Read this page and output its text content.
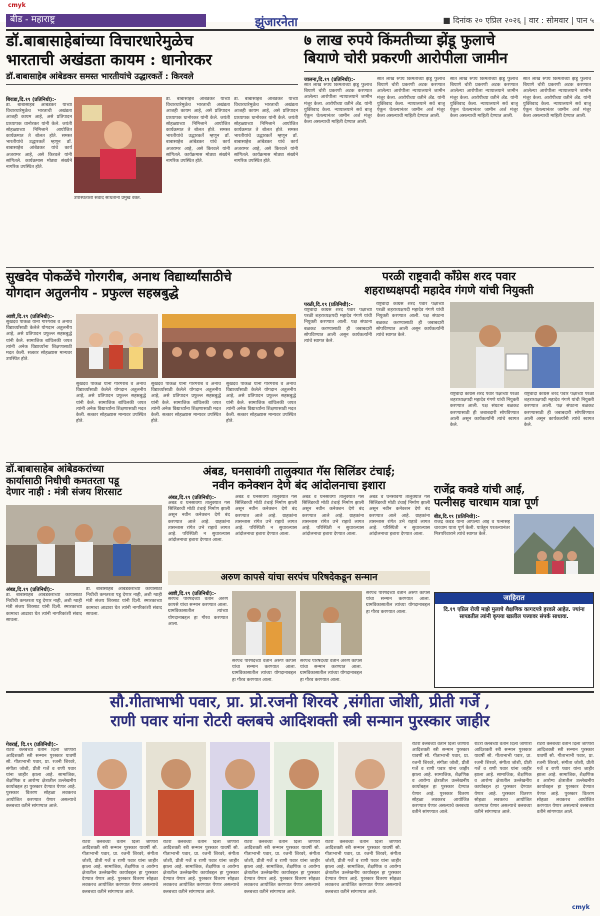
cmyk
cmyk
बीड - महाराष्ट्र	झुंजारनेता	■ दिनांक २० एप्रिल २०२६ | वार : सोमवार | पान ५
डॉ.बाबासाहेबांच्या विचारधारेमुळेच
भारताची अखंडता कायम : धानोरकर
डॉ.बाबासाहेब आंबेडकर समस्त भारतीयांचे उद्धारकर्ते : किरवले
बिराडा,दि.१९ (प्रतिनिधी):-
डॉ. बाबासाहेब आंबेडकर यांच्या विचारधारेमुळेच भारताची अखंडता आजही कायम आहे, असे प्रतिपादन प्राध्यापक धानोरकर यांनी केले. जयंती सोहळ्याच्या निमित्ताने आयोजित कार्यक्रमात ते बोलत होते. समस्त भारतीयांचे उद्धारकर्ते म्हणून डॉ. बाबासाहेब आंबेडकर यांचे कार्य अजरामर आहे, असे किरवले यांनी सांगितले. कार्यक्रमास मोठ्या संख्येने नागरिक उपस्थित होते.
उपस्थितांशी संवाद साधताना प्रमुख वक्ते.
डॉ. बाबासाहेब आंबेडकर यांच्या विचारधारेमुळेच भारताची अखंडता आजही कायम आहे, असे प्रतिपादन प्राध्यापक धानोरकर यांनी केले. जयंती सोहळ्याच्या निमित्ताने आयोजित कार्यक्रमात ते बोलत होते. समस्त भारतीयांचे उद्धारकर्ते म्हणून डॉ. बाबासाहेब आंबेडकर यांचे कार्य अजरामर आहे, असे किरवले यांनी सांगितले. कार्यक्रमास मोठ्या संख्येने नागरिक उपस्थित होते.
डॉ. बाबासाहेब आंबेडकर यांच्या विचारधारेमुळेच भारताची अखंडता आजही कायम आहे, असे प्रतिपादन प्राध्यापक धानोरकर यांनी केले. जयंती सोहळ्याच्या निमित्ताने आयोजित कार्यक्रमात ते बोलत होते. समस्त भारतीयांचे उद्धारकर्ते म्हणून डॉ. बाबासाहेब आंबेडकर यांचे कार्य अजरामर आहे, असे किरवले यांनी सांगितले. कार्यक्रमास मोठ्या संख्येने नागरिक उपस्थित होते.
७ लाख रुपये किंमतीच्या झेंडू फुलाचे
बियाणे चोरी प्रकरणी आरोपीला जामीन
जालना,दि.१९ (प्रतिनिधी):-
सात लाख रुपये किंमतीच्या झेंडू फुलाचे बियाणे चोरी प्रकरणी अटक करण्यात आलेल्या आरोपीला न्यायालयाने जामीन मंजूर केला. आरोपीच्या वतीने ॲड. यांनी युक्तिवाद केला. न्यायालयाने सर्व बाजू ऐकून घेतल्यानंतर जामीन अर्ज मंजूर केला असल्याची माहिती देण्यात आली.
सात लाख रुपये किंमतीच्या झेंडू फुलाचे बियाणे चोरी प्रकरणी अटक करण्यात आलेल्या आरोपीला न्यायालयाने जामीन मंजूर केला. आरोपीच्या वतीने ॲड. यांनी युक्तिवाद केला. न्यायालयाने सर्व बाजू ऐकून घेतल्यानंतर जामीन अर्ज मंजूर केला असल्याची माहिती देण्यात आली.
सात लाख रुपये किंमतीच्या झेंडू फुलाचे बियाणे चोरी प्रकरणी अटक करण्यात आलेल्या आरोपीला न्यायालयाने जामीन मंजूर केला. आरोपीच्या वतीने ॲड. यांनी युक्तिवाद केला. न्यायालयाने सर्व बाजू ऐकून घेतल्यानंतर जामीन अर्ज मंजूर केला असल्याची माहिती देण्यात आली.
सात लाख रुपये किंमतीच्या झेंडू फुलाचे बियाणे चोरी प्रकरणी अटक करण्यात आलेल्या आरोपीला न्यायालयाने जामीन मंजूर केला. आरोपीच्या वतीने ॲड. यांनी युक्तिवाद केला. न्यायालयाने सर्व बाजू ऐकून घेतल्यानंतर जामीन अर्ज मंजूर केला असल्याची माहिती देण्यात आली.
सुखदेव पोकळेंचे गोरगरीब, अनाथ विद्यार्थ्यांसाठीचे
योगदान अतुलनीय - प्रफुल्ल सहस्रबुद्धे
आष्टी,दि.१९ (प्रतिनिधी):-
सुखदेव पोकळे यांनी गोरगरीब व अनाथ विद्यार्थ्यांसाठी केलेले योगदान अतुलनीय आहे, असे प्रतिपादन प्रफुल्ल सहस्रबुद्धे यांनी केले. सामाजिक बांधिलकी जपत त्यांनी अनेक विद्यार्थ्यांना शिक्षणासाठी मदत केली. सत्कार सोहळ्यास मान्यवर उपस्थित होते.
सुखदेव पोकळे यांनी गोरगरीब व अनाथ विद्यार्थ्यांसाठी केलेले योगदान अतुलनीय आहे, असे प्रतिपादन प्रफुल्ल सहस्रबुद्धे यांनी केले. सामाजिक बांधिलकी जपत त्यांनी अनेक विद्यार्थ्यांना शिक्षणासाठी मदत केली. सत्कार सोहळ्यास मान्यवर उपस्थित होते.
सुखदेव पोकळे यांनी गोरगरीब व अनाथ विद्यार्थ्यांसाठी केलेले योगदान अतुलनीय आहे, असे प्रतिपादन प्रफुल्ल सहस्रबुद्धे यांनी केले. सामाजिक बांधिलकी जपत त्यांनी अनेक विद्यार्थ्यांना शिक्षणासाठी मदत केली. सत्कार सोहळ्यास मान्यवर उपस्थित होते.
सुखदेव पोकळे यांनी गोरगरीब व अनाथ विद्यार्थ्यांसाठी केलेले योगदान अतुलनीय आहे, असे प्रतिपादन प्रफुल्ल सहस्रबुद्धे यांनी केले. सामाजिक बांधिलकी जपत त्यांनी अनेक विद्यार्थ्यांना शिक्षणासाठी मदत केली. सत्कार सोहळ्यास मान्यवर उपस्थित होते.
परळी राष्ट्रवादी काँग्रेस शरद पवार
शहराध्यक्षपदी महादेव गंगणे यांची नियुक्ती
परळी,दि.१९ (प्रतिनिधी):-
राष्ट्रवादी काँग्रेस शरद पवार पक्षाच्या परळी शहराध्यक्षपदी महादेव गंगणे यांची नियुक्ती करण्यात आली. पक्ष संघटना बळकट करण्यासाठी ही जबाबदारी सोपविण्यात आली असून कार्यकर्त्यांनी त्यांचे स्वागत केले.
राष्ट्रवादी काँग्रेस शरद पवार पक्षाच्या परळी शहराध्यक्षपदी महादेव गंगणे यांची नियुक्ती करण्यात आली. पक्ष संघटना बळकट करण्यासाठी ही जबाबदारी सोपविण्यात आली असून कार्यकर्त्यांनी त्यांचे स्वागत केले.
राष्ट्रवादी काँग्रेस शरद पवार पक्षाच्या परळी शहराध्यक्षपदी महादेव गंगणे यांची नियुक्ती करण्यात आली. पक्ष संघटना बळकट करण्यासाठी ही जबाबदारी सोपविण्यात आली असून कार्यकर्त्यांनी त्यांचे स्वागत केले.
राष्ट्रवादी काँग्रेस शरद पवार पक्षाच्या परळी शहराध्यक्षपदी महादेव गंगणे यांची नियुक्ती करण्यात आली. पक्ष संघटना बळकट करण्यासाठी ही जबाबदारी सोपविण्यात आली असून कार्यकर्त्यांनी त्यांचे स्वागत केले.
डॉ.बाबासाहेब आंबेडकरांच्या
कार्यासाठी निधीची कमतरता पडू
देणार नाही : मंत्री संजय शिरसाट
अंबड,दि.१९ (प्रतिनिधी):-
डॉ. बाबासाहेब आंबेडकरांच्या कार्यासाठी निधीची कमतरता पडू देणार नाही, अशी ग्वाही मंत्री संजय शिरसाट यांनी दिली. स्मारकाच्या कामाचा आढावा घेत त्यांनी नागरिकांशी संवाद साधला.
डॉ. बाबासाहेब आंबेडकरांच्या कार्यासाठी निधीची कमतरता पडू देणार नाही, अशी ग्वाही मंत्री संजय शिरसाट यांनी दिली. स्मारकाच्या कामाचा आढावा घेत त्यांनी नागरिकांशी संवाद साधला.
अंबड, घनसावंगी तालुक्यात गॅस सिलिंडर टंचाई;
नवीन कनेक्शन देणे बंद आंदोलनाचा इशारा
अंबड,दि.१९ (प्रतिनिधी):-
अंबड व घनसावंगी तालुक्यात गॅस सिलिंडरची मोठी टंचाई निर्माण झाली असून नवीन कनेक्शन देणे बंद करण्यात आले आहे. ग्राहकांना तासन्तास रांगेत उभे राहावे लागत आहे. परिस्थिती न सुधारल्यास आंदोलनाचा इशारा देण्यात आला.
अंबड व घनसावंगी तालुक्यात गॅस सिलिंडरची मोठी टंचाई निर्माण झाली असून नवीन कनेक्शन देणे बंद करण्यात आले आहे. ग्राहकांना तासन्तास रांगेत उभे राहावे लागत आहे. परिस्थिती न सुधारल्यास आंदोलनाचा इशारा देण्यात आला.
अंबड व घनसावंगी तालुक्यात गॅस सिलिंडरची मोठी टंचाई निर्माण झाली असून नवीन कनेक्शन देणे बंद करण्यात आले आहे. ग्राहकांना तासन्तास रांगेत उभे राहावे लागत आहे. परिस्थिती न सुधारल्यास आंदोलनाचा इशारा देण्यात आला.
अंबड व घनसावंगी तालुक्यात गॅस सिलिंडरची मोठी टंचाई निर्माण झाली असून नवीन कनेक्शन देणे बंद करण्यात आले आहे. ग्राहकांना तासन्तास रांगेत उभे राहावे लागत आहे. परिस्थिती न सुधारल्यास आंदोलनाचा इशारा देण्यात आला.
राजेंद्र कवडे यांची आई,
पत्नीसह चारधाम यात्रा पूर्ण
बीड,दि.१९ (प्रतिनिधी):-
राजेंद्र कवडे यांनी आपल्या आई व पत्नीसह चारधाम यात्रा पूर्ण केली. यात्रेहून परतल्यानंतर मित्रपरिवाराने त्यांचे स्वागत केले.
अरुण कापसे यांचा सरपंच परिषदेकडून सन्मान
आष्टी,दि.१९ (प्रतिनिधी):-
सरपंच परिषदेच्या वतीने अरुण कापसे यांचा सन्मान करण्यात आला. ग्रामविकासातील त्यांच्या योगदानाबद्दल हा गौरव करण्यात आला.
सरपंच परिषदेच्या वतीने अरुण कापसे यांचा सन्मान करण्यात आला. ग्रामविकासातील त्यांच्या योगदानाबद्दल हा गौरव करण्यात आला.
सरपंच परिषदेच्या वतीने अरुण कापसे यांचा सन्मान करण्यात आला. ग्रामविकासातील त्यांच्या योगदानाबद्दल हा गौरव करण्यात आला.
सरपंच परिषदेच्या वतीने अरुण कापसे यांचा सन्मान करण्यात आला. ग्रामविकासातील त्यांच्या योगदानाबद्दल हा गौरव करण्यात आला.
जाहिरात
दि.१९ एप्रिल रोजी माझे मुलाचे शैक्षणिक कागदपत्रे हरवले आहेत. ज्यांना सापडतील त्यांनी कृपया खालील पत्त्यावर संपर्क साधावा.
सौ.गीताभाभी पवार, प्रा. प्रो.रजनी शिरवरे ,संगीता जोशी, प्रीती गर्जे ,
राणी पवार यांना रोटरी क्लबचे आदिशक्ती स्त्री सन्मान पुरस्कार जाहीर
गेवराई, दि.१९ (प्रतिनिधी):-
रोटरी क्लबच्या वतीने दिला जाणारा आदिशक्ती स्त्री सन्मान पुरस्कार यावर्षी सौ. गीताभाभी पवार, प्रा. रजनी शिरवरे, संगीता जोशी, प्रीती गर्जे व राणी पवार यांना जाहीर झाला आहे. सामाजिक, शैक्षणिक व आरोग्य क्षेत्रातील उल्लेखनीय कार्याबद्दल हा पुरस्कार देण्यात येणार आहे. पुरस्कार वितरण सोहळा लवकरच आयोजित करण्यात येणार असल्याचे क्लबच्या वतीने सांगण्यात आले.
रोटरी क्लबच्या वतीने दिला जाणारा आदिशक्ती स्त्री सन्मान पुरस्कार यावर्षी सौ. गीताभाभी पवार, प्रा. रजनी शिरवरे, संगीता जोशी, प्रीती गर्जे व राणी पवार यांना जाहीर झाला आहे. सामाजिक, शैक्षणिक व आरोग्य क्षेत्रातील उल्लेखनीय कार्याबद्दल हा पुरस्कार देण्यात येणार आहे. पुरस्कार वितरण सोहळा लवकरच आयोजित करण्यात येणार असल्याचे क्लबच्या वतीने सांगण्यात आले.
रोटरी क्लबच्या वतीने दिला जाणारा आदिशक्ती स्त्री सन्मान पुरस्कार यावर्षी सौ. गीताभाभी पवार, प्रा. रजनी शिरवरे, संगीता जोशी, प्रीती गर्जे व राणी पवार यांना जाहीर झाला आहे. सामाजिक, शैक्षणिक व आरोग्य क्षेत्रातील उल्लेखनीय कार्याबद्दल हा पुरस्कार देण्यात येणार आहे. पुरस्कार वितरण सोहळा लवकरच आयोजित करण्यात येणार असल्याचे क्लबच्या वतीने सांगण्यात आले.
रोटरी क्लबच्या वतीने दिला जाणारा आदिशक्ती स्त्री सन्मान पुरस्कार यावर्षी सौ. गीताभाभी पवार, प्रा. रजनी शिरवरे, संगीता जोशी, प्रीती गर्जे व राणी पवार यांना जाहीर झाला आहे. सामाजिक, शैक्षणिक व आरोग्य क्षेत्रातील उल्लेखनीय कार्याबद्दल हा पुरस्कार देण्यात येणार आहे. पुरस्कार वितरण सोहळा लवकरच आयोजित करण्यात येणार असल्याचे क्लबच्या वतीने सांगण्यात आले.
रोटरी क्लबच्या वतीने दिला जाणारा आदिशक्ती स्त्री सन्मान पुरस्कार यावर्षी सौ. गीताभाभी पवार, प्रा. रजनी शिरवरे, संगीता जोशी, प्रीती गर्जे व राणी पवार यांना जाहीर झाला आहे. सामाजिक, शैक्षणिक व आरोग्य क्षेत्रातील उल्लेखनीय कार्याबद्दल हा पुरस्कार देण्यात येणार आहे. पुरस्कार वितरण सोहळा लवकरच आयोजित करण्यात येणार असल्याचे क्लबच्या वतीने सांगण्यात आले.
रोटरी क्लबच्या वतीने दिला जाणारा आदिशक्ती स्त्री सन्मान पुरस्कार यावर्षी सौ. गीताभाभी पवार, प्रा. रजनी शिरवरे, संगीता जोशी, प्रीती गर्जे व राणी पवार यांना जाहीर झाला आहे. सामाजिक, शैक्षणिक व आरोग्य क्षेत्रातील उल्लेखनीय कार्याबद्दल हा पुरस्कार देण्यात येणार आहे. पुरस्कार वितरण सोहळा लवकरच आयोजित करण्यात येणार असल्याचे क्लबच्या वतीने सांगण्यात आले.
रोटरी क्लबच्या वतीने दिला जाणारा आदिशक्ती स्त्री सन्मान पुरस्कार यावर्षी सौ. गीताभाभी पवार, प्रा. रजनी शिरवरे, संगीता जोशी, प्रीती गर्जे व राणी पवार यांना जाहीर झाला आहे. सामाजिक, शैक्षणिक व आरोग्य क्षेत्रातील उल्लेखनीय कार्याबद्दल हा पुरस्कार देण्यात येणार आहे. पुरस्कार वितरण सोहळा लवकरच आयोजित करण्यात येणार असल्याचे क्लबच्या वतीने सांगण्यात आले.
रोटरी क्लबच्या वतीने दिला जाणारा आदिशक्ती स्त्री सन्मान पुरस्कार यावर्षी सौ. गीताभाभी पवार, प्रा. रजनी शिरवरे, संगीता जोशी, प्रीती गर्जे व राणी पवार यांना जाहीर झाला आहे. सामाजिक, शैक्षणिक व आरोग्य क्षेत्रातील उल्लेखनीय कार्याबद्दल हा पुरस्कार देण्यात येणार आहे. पुरस्कार वितरण सोहळा लवकरच आयोजित करण्यात येणार असल्याचे क्लबच्या वतीने सांगण्यात आले.
